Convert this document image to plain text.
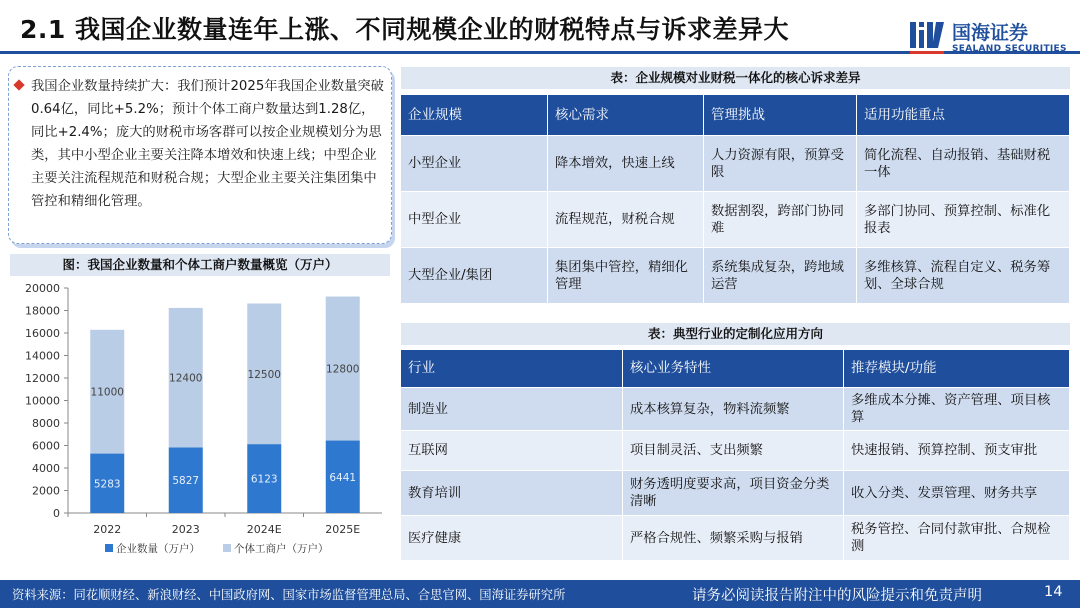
2.1 我国企业数量连年上涨、不同规模企业的财税特点与诉求差异大	国海证券
SEALAND SECURITIES
我国企业数量持续扩大：我们预计2025年我国企业数量突破0.64亿，同比+5.2%；预计个体工商户数量达到1.28亿，同比+2.4%；庞大的财税市场客群可以按企业规模划分为思类，其中小型企业主要关注降本增效和快速上线；中型企业主要关注流程规范和财税合规；大型企业主要关注集团集中管控和精细化管理。
图：我国企业数量和个体工商户数量概览（万户）
0
2000
4000
6000
8000
10000
12000
14000
16000
18000
20000
5283
11000
2022
5827
12400
2023
6123
12500
2024E
6441
12800
2025E
企业数量（万户）	个体工商户（万户）
表：企业规模对业财税一体化的核心诉求差异
企业规模	核心需求	管理挑战	适用功能重点
小型企业	降本增效，快速上线	人力资源有限，预算受限	简化流程、自动报销、基础财税一体
中型企业	流程规范，财税合规	数据割裂，跨部门协同难	多部门协同、预算控制、标准化报表
大型企业/集团	集团集中管控，精细化管理	系统集成复杂，跨地域运营	多维核算、流程自定义、税务筹划、全球合规
表：典型行业的定制化应用方向
行业	核心业务特性	推荐模块/功能
制造业	成本核算复杂，物料流频繁	多维成本分摊、资产管理、项目核算
互联网	项目制灵活、支出频繁	快速报销、预算控制、预支审批
教育培训	财务透明度要求高，项目资金分类清晰	收入分类、发票管理、财务共享
医疗健康	严格合规性、频繁采购与报销	税务管控、合同付款审批、合规检测
资料来源：同花顺财经、新浪财经、中国政府网、国家市场监督管理总局、合思官网、国海证券研究所	请务必阅读报告附注中的风险提示和免责声明	14
